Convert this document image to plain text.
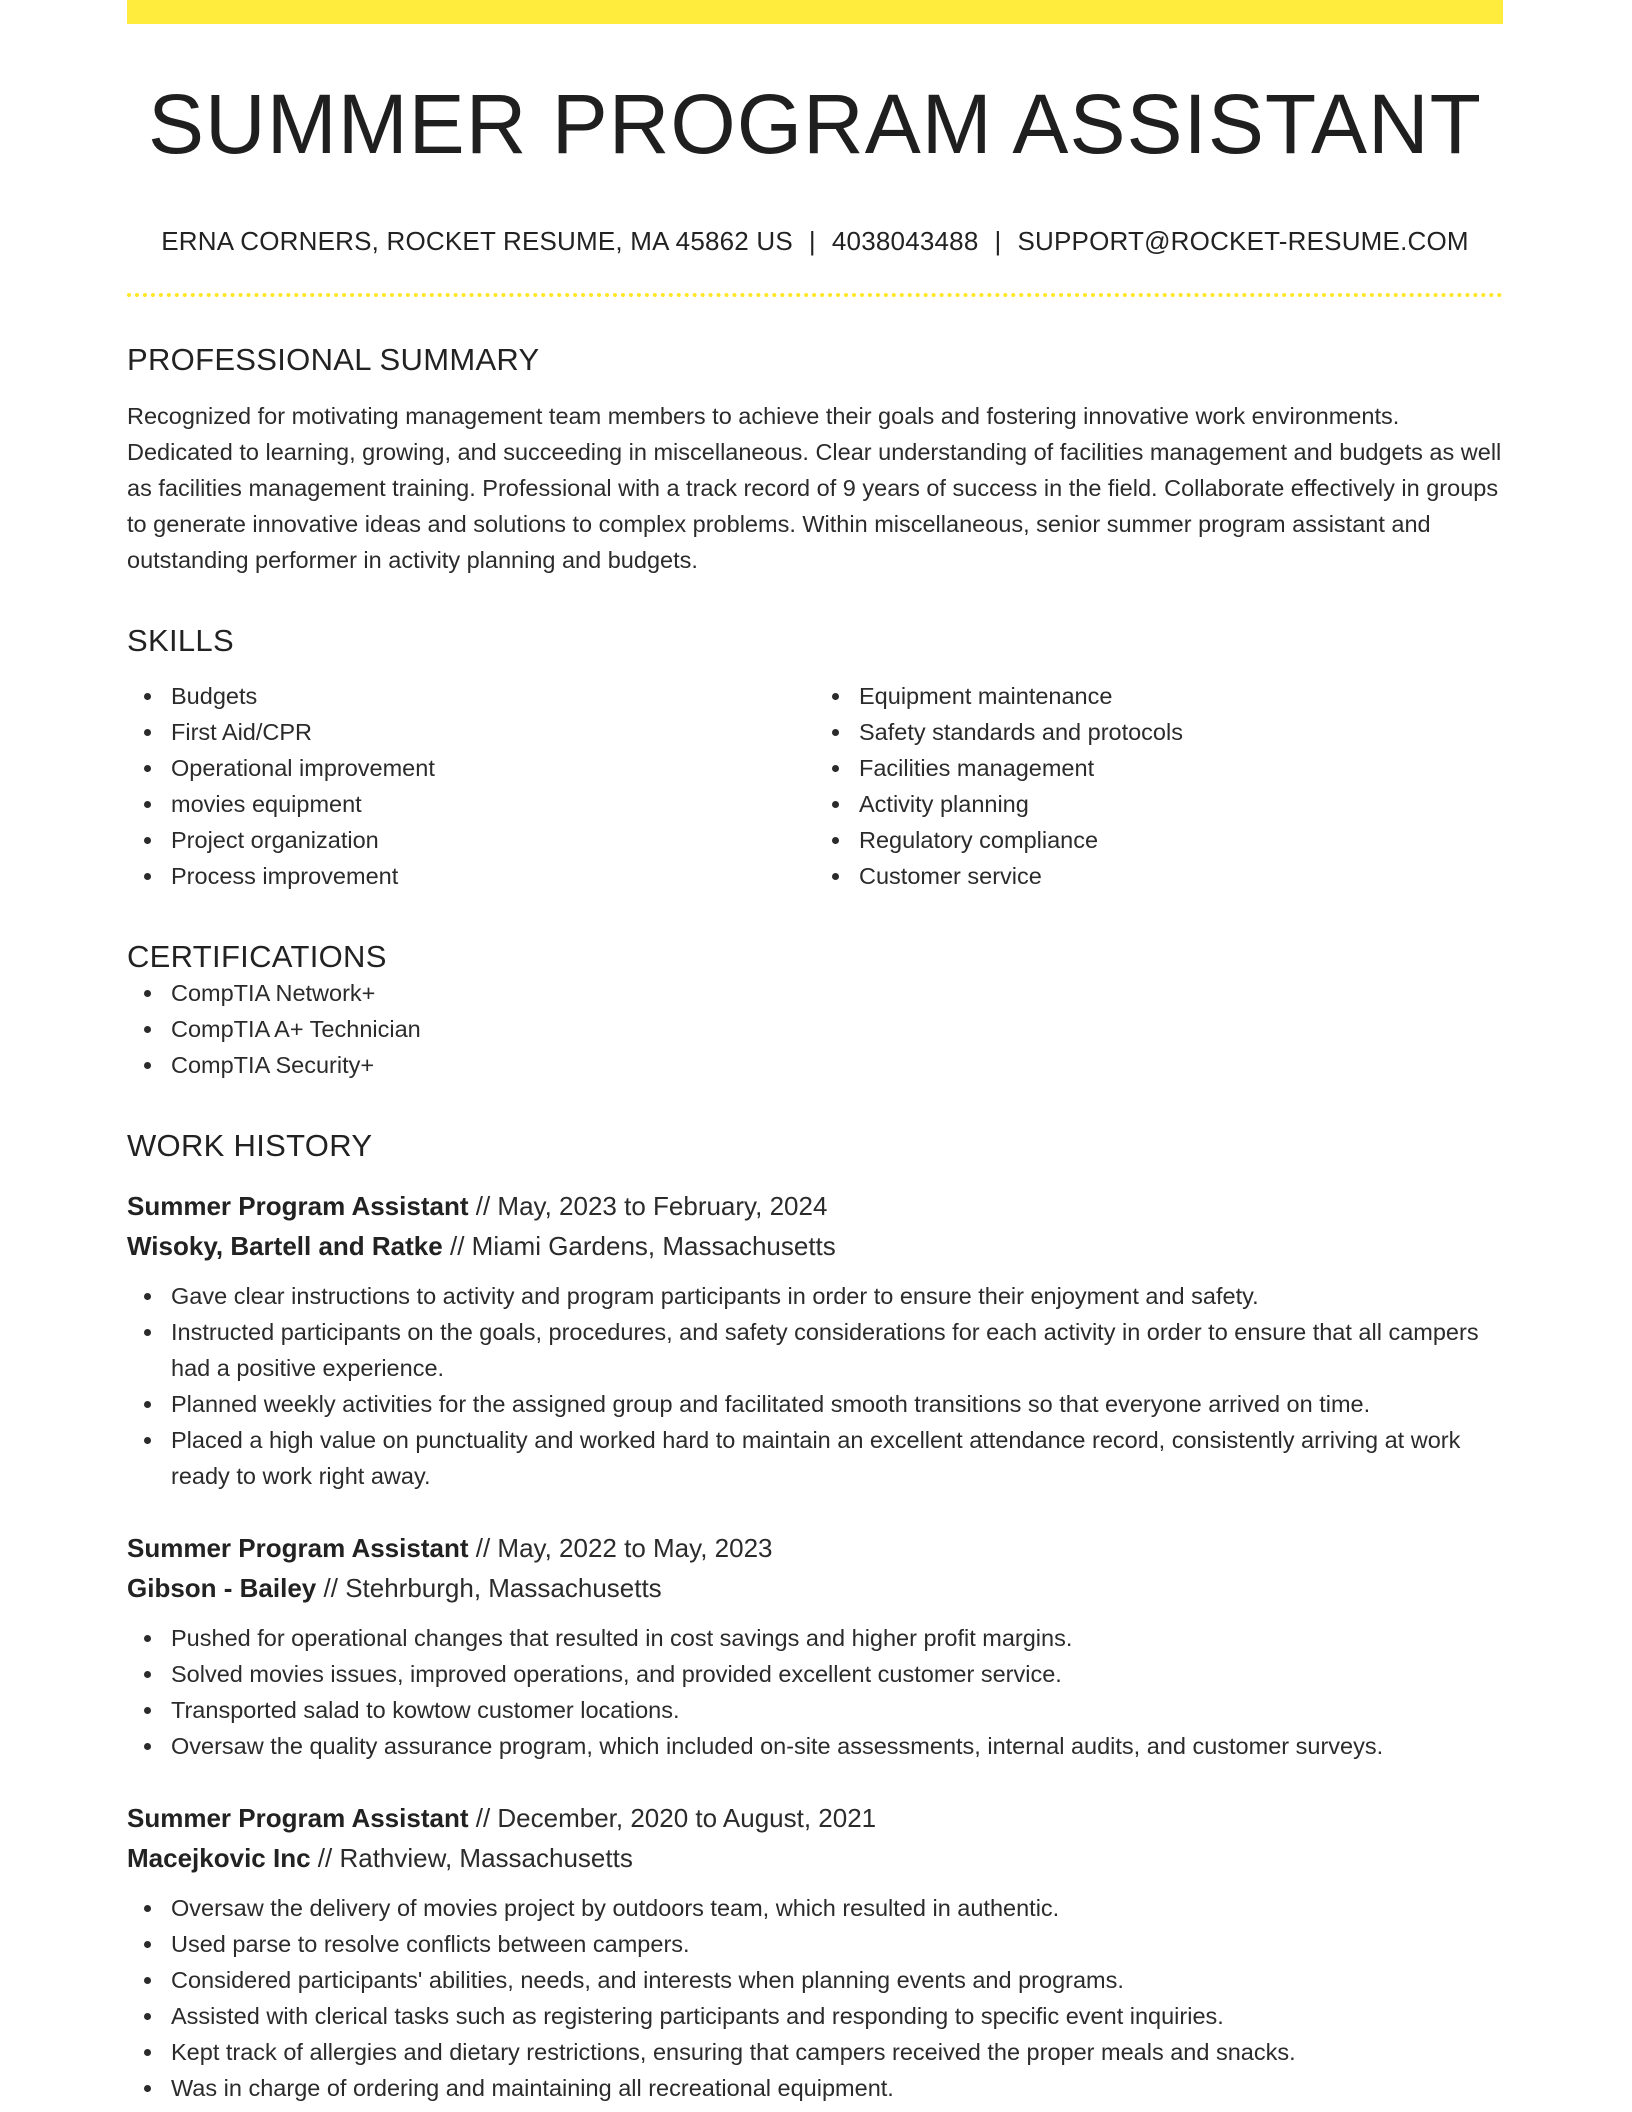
SUMMER PROGRAM ASSISTANT
ERNA CORNERS, ROCKET RESUME, MA 45862 US | 4038043488 | SUPPORT@ROCKET-RESUME.COM
PROFESSIONAL SUMMARY

Recognized for motivating management team members to achieve their goals and fostering innovative work environments. Dedicated to learning, growing, and succeeding in miscellaneous. Clear understanding of facilities management and budgets as well as facilities management training. Professional with a track record of 9 years of success in the field. Collaborate effectively in groups to generate innovative ideas and solutions to complex problems. Within miscellaneous, senior summer program assistant and outstanding performer in activity planning and budgets.

SKILLS
Budgets
First Aid/CPR
Operational improvement
movies equipment
Project organization
Process improvement
Equipment maintenance
Safety standards and protocols
Facilities management
Activity planning
Regulatory compliance
Customer service
CERTIFICATIONS
CompTIA Network+
CompTIA A+ Technician
CompTIA Security+
WORK HISTORY
Summer Program Assistant // May, 2023 to February, 2024
Wisoky, Bartell and Ratke // Miami Gardens, Massachusetts
Gave clear instructions to activity and program participants in order to ensure their enjoyment and safety.
Instructed participants on the goals, procedures, and safety considerations for each activity in order to ensure that all campers had a positive experience.
Planned weekly activities for the assigned group and facilitated smooth transitions so that everyone arrived on time.
Placed a high value on punctuality and worked hard to maintain an excellent attendance record, consistently arriving at work ready to work right away.
Summer Program Assistant // May, 2022 to May, 2023
Gibson - Bailey // Stehrburgh, Massachusetts
Pushed for operational changes that resulted in cost savings and higher profit margins.
Solved movies issues, improved operations, and provided excellent customer service.
Transported salad to kowtow customer locations.
Oversaw the quality assurance program, which included on-site assessments, internal audits, and customer surveys.
Summer Program Assistant // December, 2020 to August, 2021
Macejkovic Inc // Rathview, Massachusetts
Oversaw the delivery of movies project by outdoors team, which resulted in authentic.
Used parse to resolve conflicts between campers.
Considered participants' abilities, needs, and interests when planning events and programs.
Assisted with clerical tasks such as registering participants and responding to specific event inquiries.
Kept track of allergies and dietary restrictions, ensuring that campers received the proper meals and snacks.
Was in charge of ordering and maintaining all recreational equipment.
